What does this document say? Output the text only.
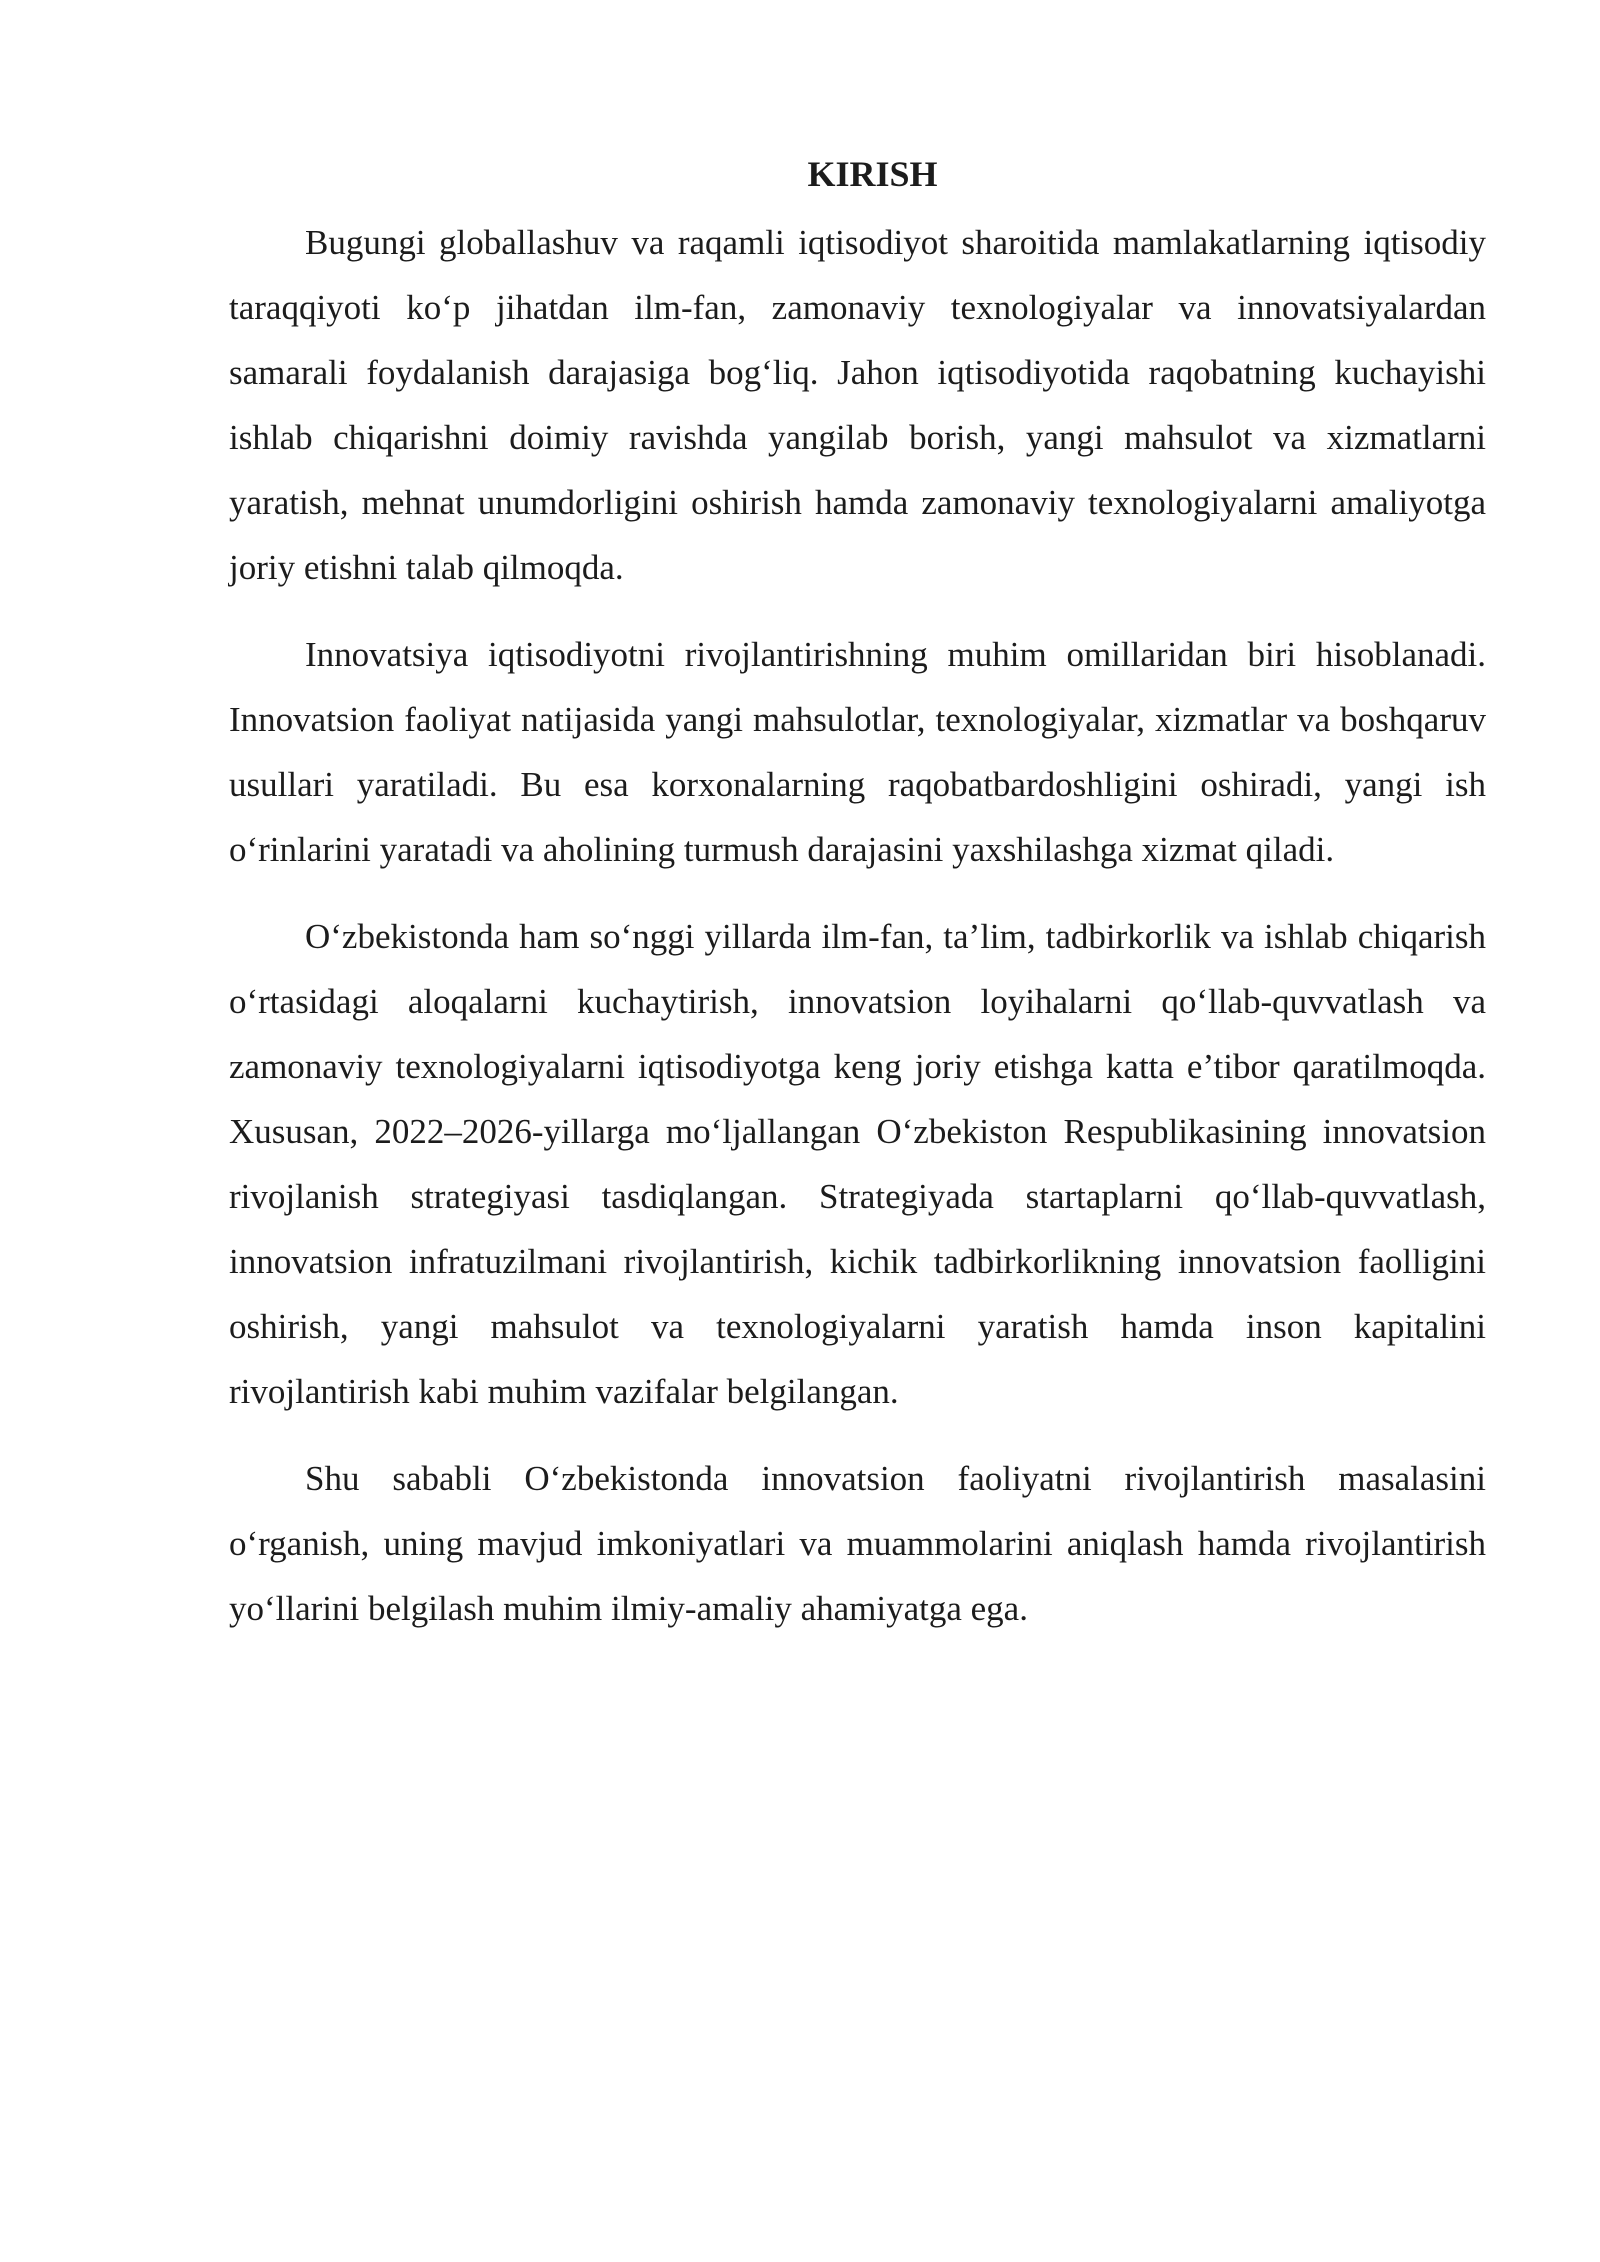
KIRISH

Bugungi globallashuv va raqamli iqtisodiyot sharoitida mamlakatlarning iqtisodiy taraqqiyoti ko‘p jihatdan ilm-fan, zamonaviy texnologiyalar va innovatsiyalardan samarali foydalanish darajasiga bog‘liq. Jahon iqtisodiyotida raqobatning kuchayishi ishlab chiqarishni doimiy ravishda yangilab borish, yangi mahsulot va xizmatlarni yaratish, mehnat unumdorligini oshirish hamda zamonaviy texnologiyalarni amaliyotga joriy etishni talab qilmoqda.

Innovatsiya iqtisodiyotni rivojlantirishning muhim omillaridan biri hisoblanadi. Innovatsion faoliyat natijasida yangi mahsulotlar, texnologiyalar, xizmatlar va boshqaruv usullari yaratiladi. Bu esa korxonalarning raqobatbardoshligini oshiradi, yangi ish o‘rinlarini yaratadi va aholining turmush darajasini yaxshilashga xizmat qiladi.

O‘zbekistonda ham so‘nggi yillarda ilm-fan, ta’lim, tadbirkorlik va ishlab chiqarish o‘rtasidagi aloqalarni kuchaytirish, innovatsion loyihalarni qo‘llab-quvvatlash va zamonaviy texnologiyalarni iqtisodiyotga keng joriy etishga katta e’tibor qaratilmoqda. Xususan, 2022–2026-yillarga mo‘ljallangan O‘zbekiston Respublikasining innovatsion rivojlanish strategiyasi tasdiqlangan. Strategiyada startaplarni qo‘llab-quvvatlash, innovatsion infratuzilmani rivojlantirish, kichik tadbirkorlikning innovatsion faolligini oshirish, yangi mahsulot va texnologiyalarni yaratish hamda inson kapitalini rivojlantirish kabi muhim vazifalar belgilangan.

Shu sababli O‘zbekistonda innovatsion faoliyatni rivojlantirish masalasini o‘rganish, uning mavjud imkoniyatlari va muammolarini aniqlash hamda rivojlantirish yo‘llarini belgilash muhim ilmiy-amaliy ahamiyatga ega.
